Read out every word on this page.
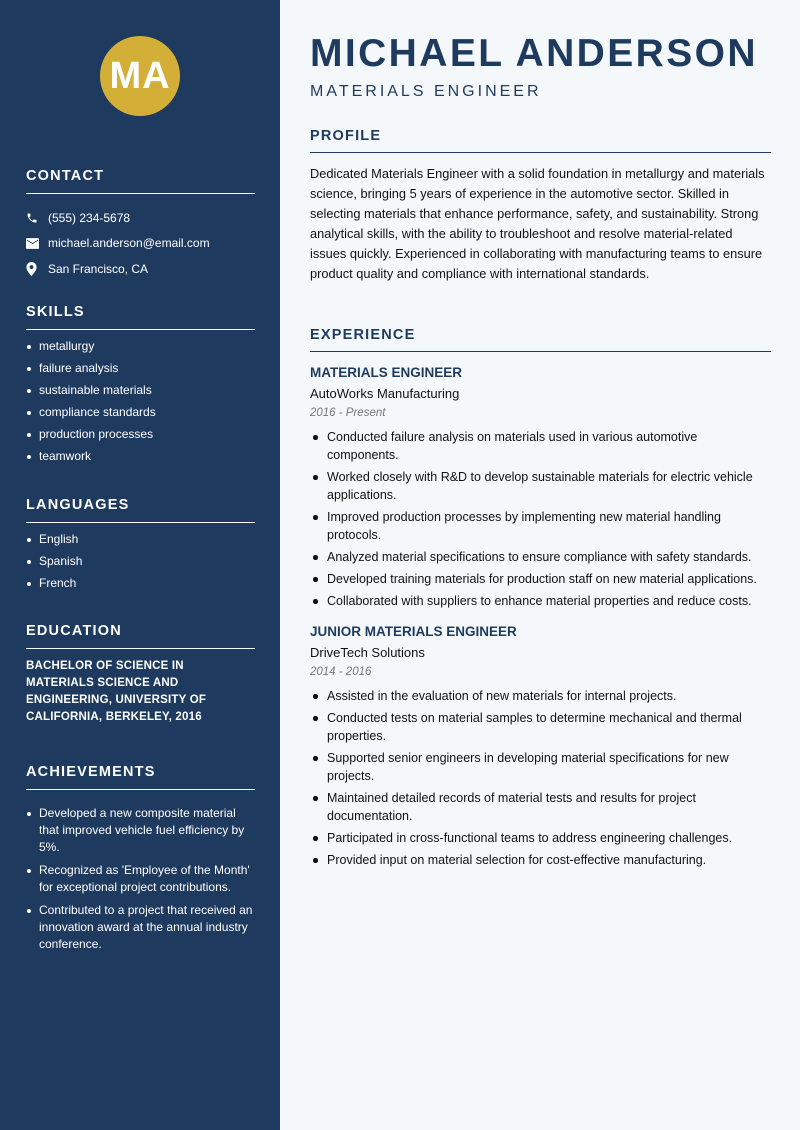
MA
CONTACT
(555) 234-5678
michael.anderson@email.com
San Francisco, CA
SKILLS
metallurgy
failure analysis
sustainable materials
compliance standards
production processes
teamwork
LANGUAGES
English
Spanish
French
EDUCATION

BACHELOR OF SCIENCE IN MATERIALS SCIENCE AND ENGINEERING, UNIVERSITY OF CALIFORNIA, BERKELEY, 2016

ACHIEVEMENTS
Developed a new composite material that improved vehicle fuel efficiency by 5%.
Recognized as 'Employee of the Month' for exceptional project contributions.
Contributed to a project that received an innovation award at the annual industry conference.
MICHAEL ANDERSON
MATERIALS ENGINEER
PROFILE

Dedicated Materials Engineer with a solid foundation in metallurgy and materials science, bringing 5 years of experience in the automotive sector. Skilled in selecting materials that enhance performance, safety, and sustainability. Strong analytical skills, with the ability to troubleshoot and resolve material-related issues quickly. Experienced in collaborating with manufacturing teams to ensure product quality and compliance with international standards.

EXPERIENCE
MATERIALS ENGINEER
AutoWorks Manufacturing
2016 - Present
Conducted failure analysis on materials used in various automotive components.
Worked closely with R&D to develop sustainable materials for electric vehicle applications.
Improved production processes by implementing new material handling protocols.
Analyzed material specifications to ensure compliance with safety standards.
Developed training materials for production staff on new material applications.
Collaborated with suppliers to enhance material properties and reduce costs.
JUNIOR MATERIALS ENGINEER
DriveTech Solutions
2014 - 2016
Assisted in the evaluation of new materials for internal projects.
Conducted tests on material samples to determine mechanical and thermal properties.
Supported senior engineers in developing material specifications for new projects.
Maintained detailed records of material tests and results for project documentation.
Participated in cross-functional teams to address engineering challenges.
Provided input on material selection for cost-effective manufacturing.
